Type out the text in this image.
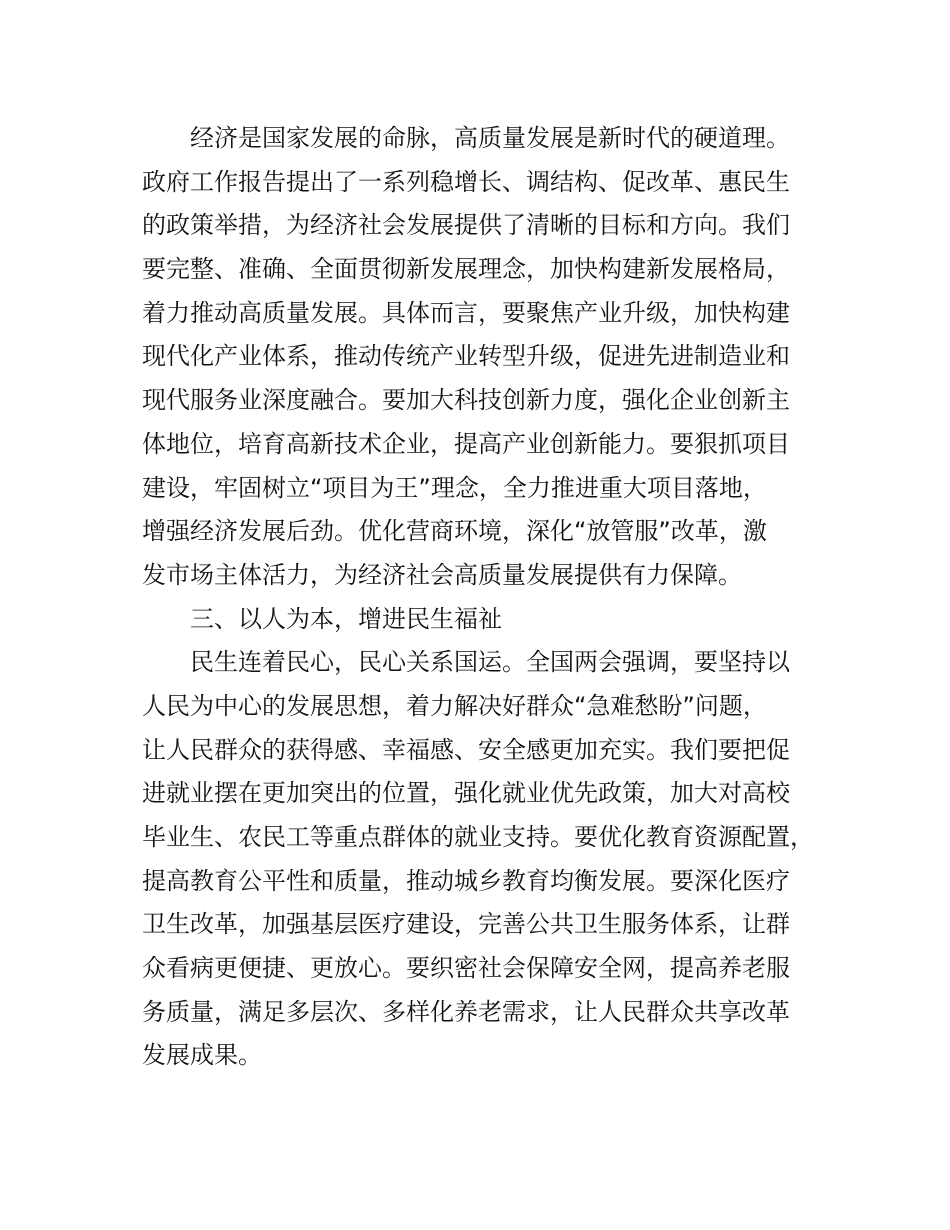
经济是国家发展的命脉，高质量发展是新时代的硬道理。
政府工作报告提出了一系列稳增长、调结构、促改革、惠民生
的政策举措，为经济社会发展提供了清晰的目标和方向。我们
要完整、准确、全面贯彻新发展理念，加快构建新发展格局，
着力推动高质量发展。具体而言，要聚焦产业升级，加快构建
现代化产业体系，推动传统产业转型升级，促进先进制造业和
现代服务业深度融合。要加大科技创新力度，强化企业创新主
体地位，培育高新技术企业，提高产业创新能力。要狠抓项目
建设，牢固树立“项目为王”理念，全力推进重大项目落地，
增强经济发展后劲。优化营商环境，深化“放管服”改革，激
发市场主体活力，为经济社会高质量发展提供有力保障。

三、以人为本，增进民生福祉

民生连着民心，民心关系国运。全国两会强调，要坚持以
人民为中心的发展思想，着力解决好群众“急难愁盼”问题，
让人民群众的获得感、幸福感、安全感更加充实。我们要把促
进就业摆在更加突出的位置，强化就业优先政策，加大对高校
毕业生、农民工等重点群体的就业支持。要优化教育资源配置，
提高教育公平性和质量，推动城乡教育均衡发展。要深化医疗
卫生改革，加强基层医疗建设，完善公共卫生服务体系，让群
众看病更便捷、更放心。要织密社会保障安全网，提高养老服
务质量，满足多层次、多样化养老需求，让人民群众共享改革
发展成果。
